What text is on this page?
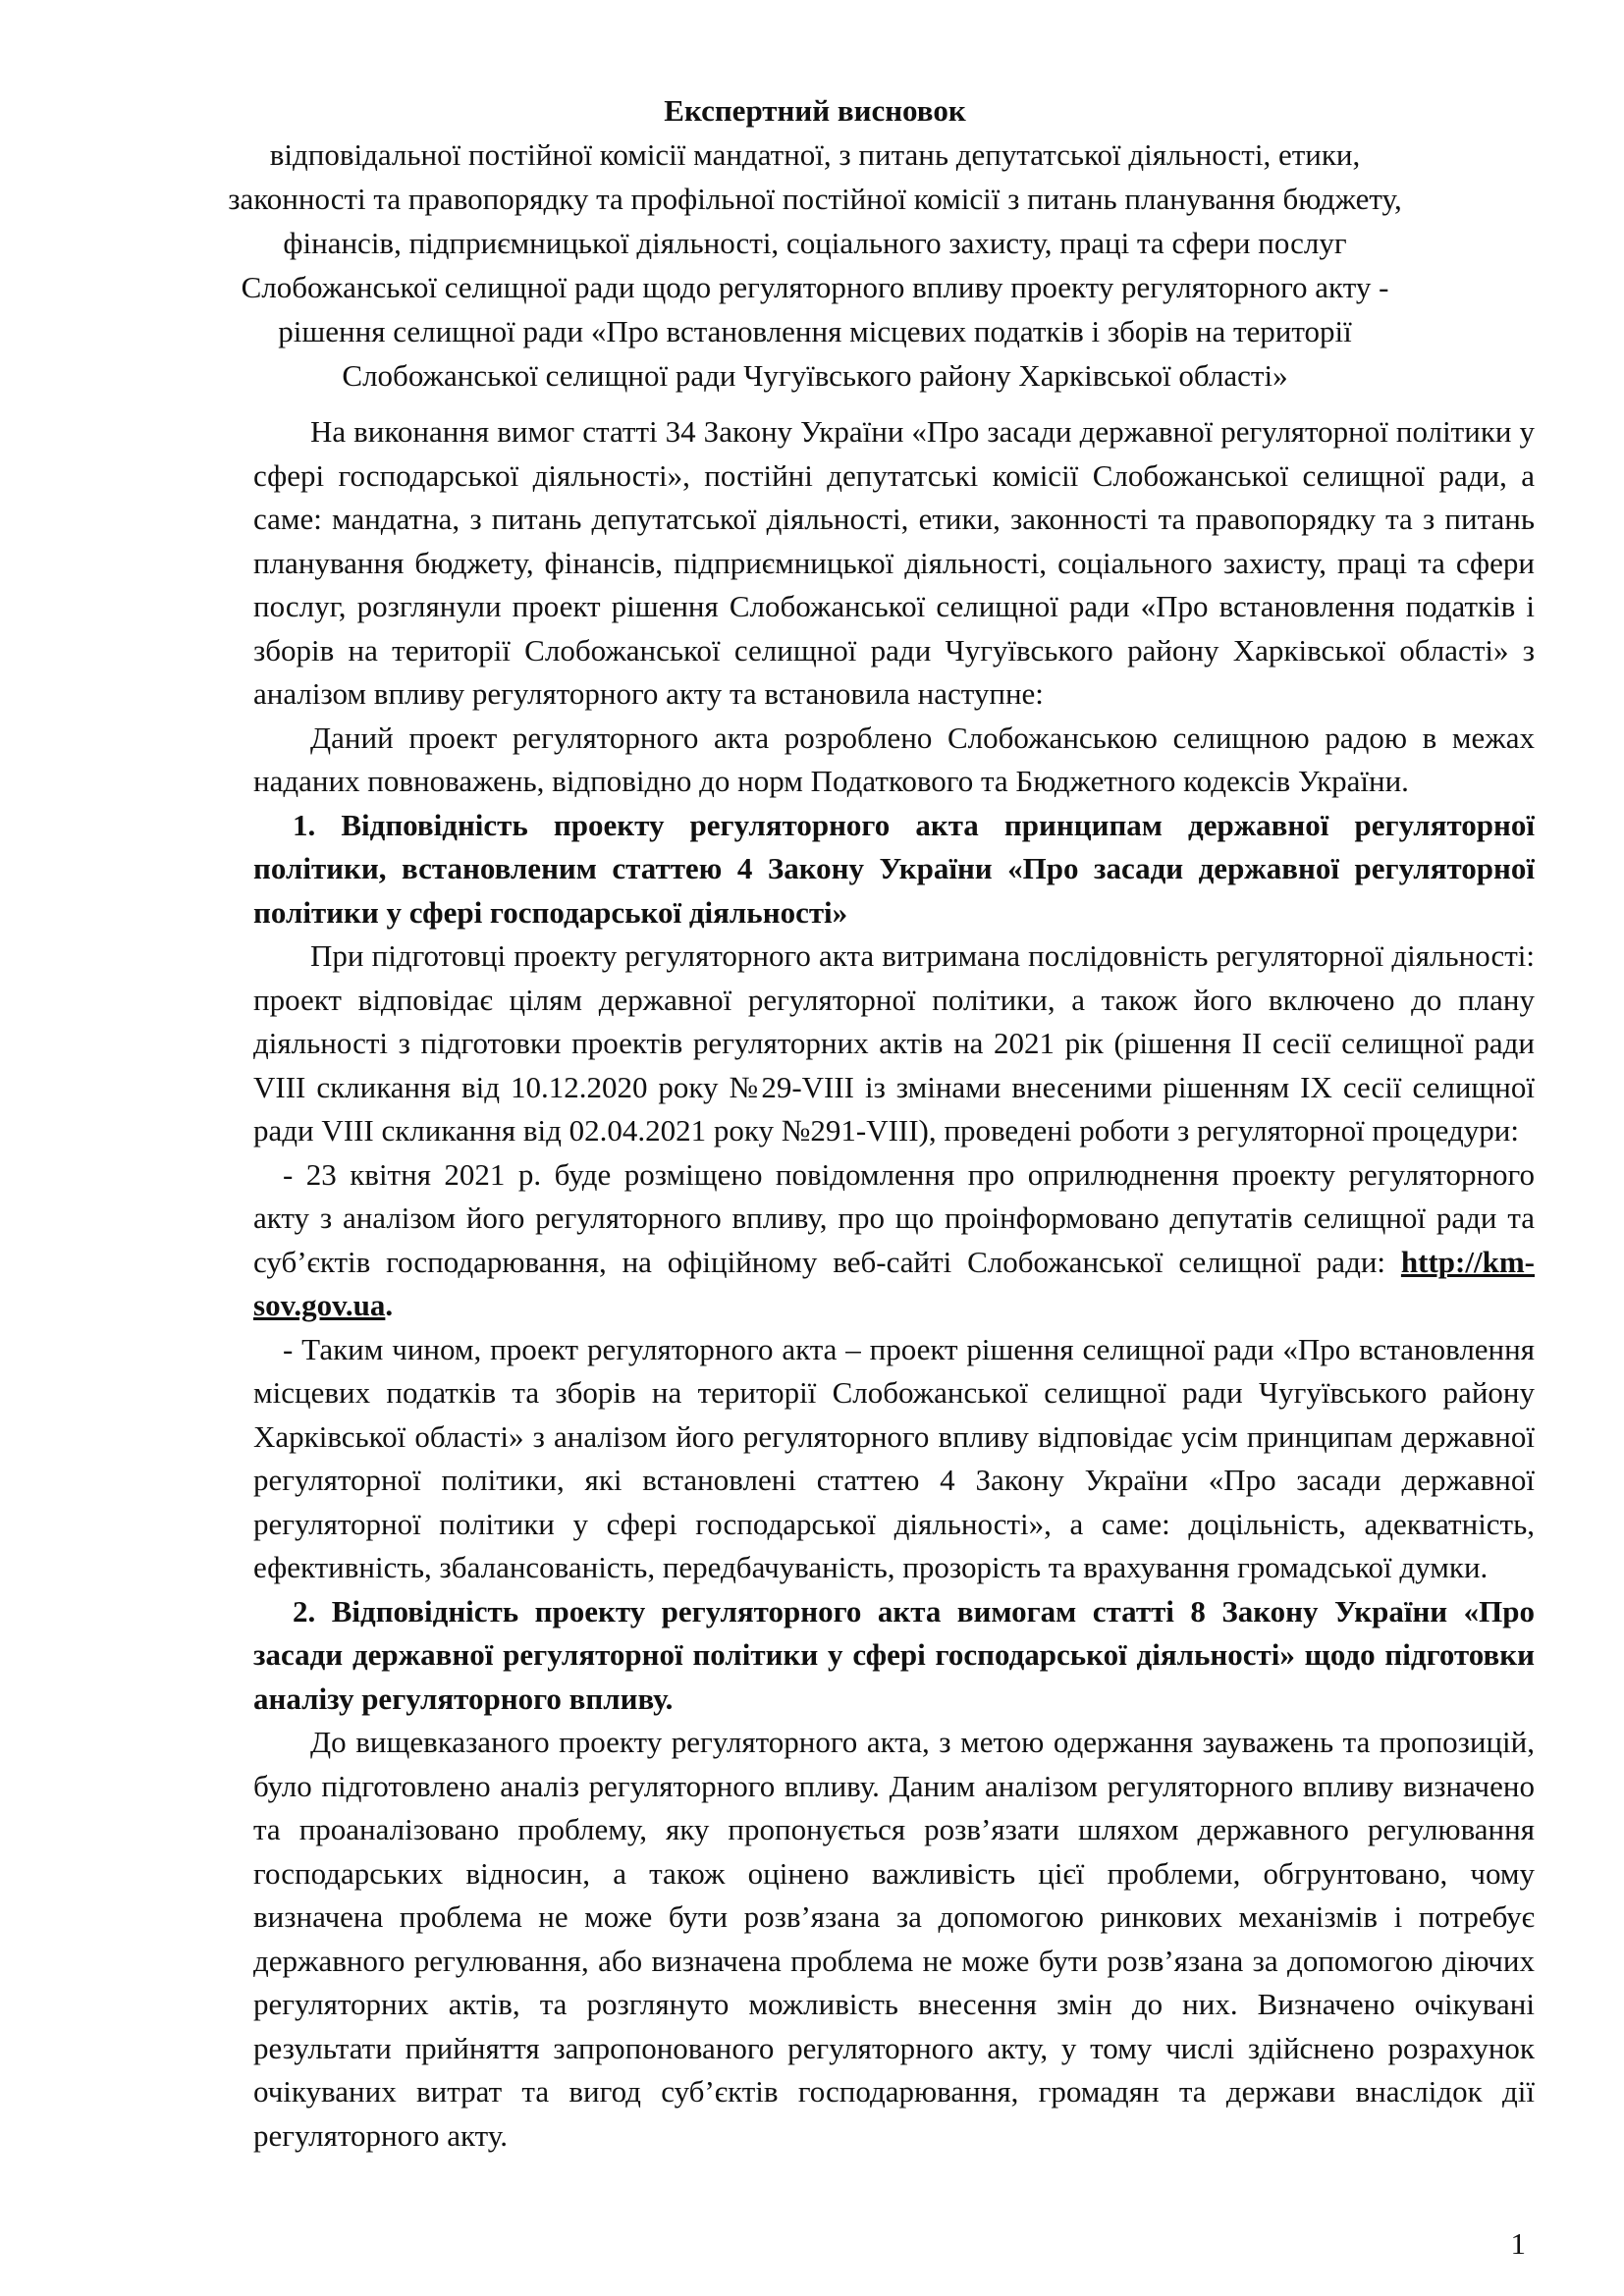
Експертний висновок
відповідальної постійної комісії мандатної, з питань депутатської діяльності, етики,
законності та правопорядку та профільної постійної комісії з питань планування бюджету,
фінансів, підприємницької діяльності, соціального захисту, праці та сфери послуг
Слобожанської селищної ради щодо регуляторного впливу проекту регуляторного акту -
рішення селищної ради «Про встановлення місцевих податків і зборів на території
Слобожанської селищної ради Чугуївського району Харківської області»

На виконання вимог статті 34 Закону України «Про засади державної регуляторної політики у сфері господарської діяльності», постійні депутатські комісії Слобожанської селищної ради, а саме: мандатна, з питань депутатської діяльності, етики, законності та правопорядку та з питань планування бюджету, фінансів, підприємницької діяльності, соціального захисту, праці та сфери послуг, розглянули проект рішення Слобожанської селищної ради «Про встановлення податків і зборів на території Слобожанської селищної ради Чугуївського району Харківської області» з аналізом впливу регуляторного акту та встановила наступне:

Даний проект регуляторного акта розроблено Слобожанською селищною радою в межах наданих повноважень, відповідно до норм Податкового та Бюджетного кодексів України.

1. Відповідність проекту регуляторного акта принципам державної регуляторної політики, встановленим статтею 4 Закону України «Про засади державної регуляторної політики у сфері господарської діяльності»

При підготовці проекту регуляторного акта витримана послідовність регуляторної діяльності: проект відповідає цілям державної регуляторної політики, а також його включено до плану діяльності з підготовки проектів регуляторних актів на 2021 рік (рішення II сесії селищної ради VIII скликання від 10.12.2020 року №29-VIII із змінами внесеними рішенням IX сесії селищної ради VIII скликання від 02.04.2021 року №291-VIII), проведені роботи з регуляторної процедури:

- 23 квітня 2021 р. буде розміщено повідомлення про оприлюднення проекту регуляторного акту з аналізом його регуляторного впливу, про що проінформовано депутатів селищної ради та суб’єктів господарювання, на офіційному веб-сайті Слобожанської селищної ради: http://km-sov.gov.ua.

- Таким чином, проект регуляторного акта – проект рішення селищної ради «Про встановлення місцевих податків та зборів на території Слобожанської селищної ради Чугуївського району Харківської області» з аналізом його регуляторного впливу відповідає усім принципам державної регуляторної політики, які встановлені статтею 4 Закону України «Про засади державної регуляторної політики у сфері господарської діяльності», а саме: доцільність, адекватність, ефективність, збалансованість, передбачуваність, прозорість та врахування громадської думки.

2. Відповідність проекту регуляторного акта вимогам статті 8 Закону України «Про засади державної регуляторної політики у сфері господарської діяльності» щодо підготовки аналізу регуляторного впливу.

До вищевказаного проекту регуляторного акта, з метою одержання зауважень та пропозицій, було підготовлено аналіз регуляторного впливу. Даним аналізом регуляторного впливу визначено та проаналізовано проблему, яку пропонується розв’язати шляхом державного регулювання господарських відносин, а також оцінено важливість цієї проблеми, обгрунтовано, чому визначена проблема не може бути розв’язана за допомогою ринкових механізмів і потребує державного регулювання, або визначена проблема не може бути розв’язана за допомогою діючих регуляторних актів, та розглянуто можливість внесення змін до них. Визначено очікувані результати прийняття запропонованого регуляторного акту, у тому числі здійснено розрахунок очікуваних витрат та вигод суб’єктів господарювання, громадян та держави внаслідок дії регуляторного акту.

1
